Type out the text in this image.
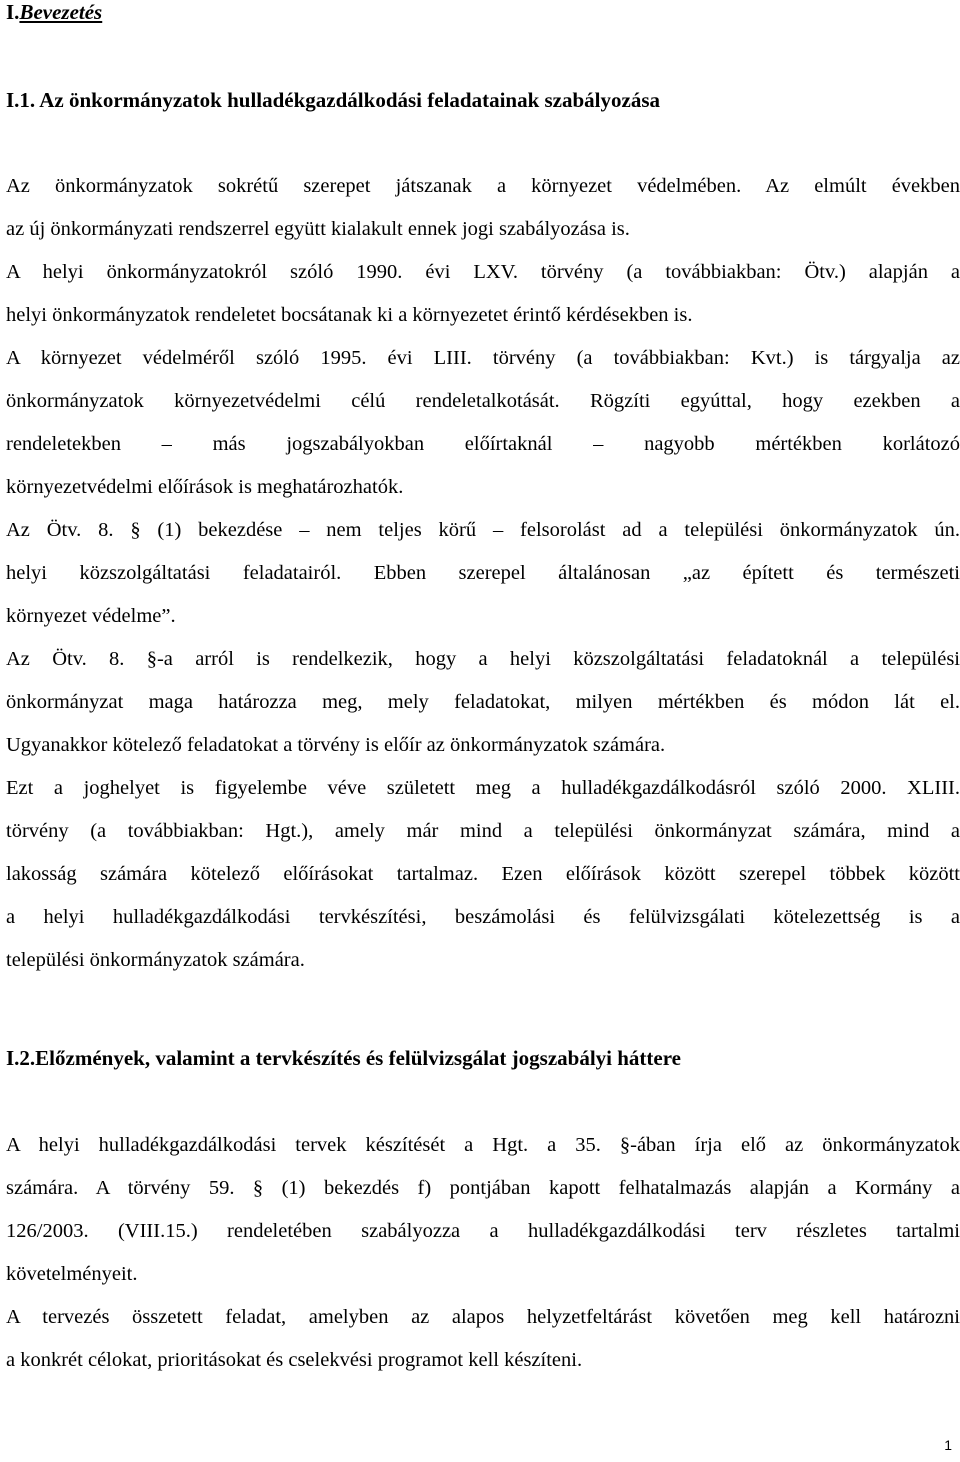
I.Bevezetés
I.1. Az önkormányzatok hulladékgazdálkodási feladatainak szabályozása
Az önkormányzatok sokrétű szerepet játszanak a környezet védelmében. Az elmúlt években
az új önkormányzati rendszerrel együtt kialakult ennek jogi szabályozása is.
A helyi önkormányzatokról szóló 1990. évi LXV. törvény (a továbbiakban: Ötv.) alapján a
helyi önkormányzatok rendeletet bocsátanak ki a környezetet érintő kérdésekben is.
A környezet védelméről szóló 1995. évi LIII. törvény (a továbbiakban: Kvt.) is tárgyalja az
önkormányzatok környezetvédelmi célú rendeletalkotását. Rögzíti egyúttal, hogy ezekben a
rendeletekben – más jogszabályokban előírtaknál – nagyobb mértékben korlátozó
környezetvédelmi előírások is meghatározhatók.
Az Ötv. 8. § (1) bekezdése – nem teljes körű – felsorolást ad a települési önkormányzatok ún.
helyi közszolgáltatási feladatairól. Ebben szerepel általánosan „az épített és természeti
környezet védelme”.
Az Ötv. 8. §-a arról is rendelkezik, hogy a helyi közszolgáltatási feladatoknál a települési
önkormányzat maga határozza meg, mely feladatokat, milyen mértékben és módon lát el.
Ugyanakkor kötelező feladatokat a törvény is előír az önkormányzatok számára.
Ezt a joghelyet is figyelembe véve született meg a hulladékgazdálkodásról szóló 2000. XLIII.
törvény (a továbbiakban: Hgt.), amely már mind a települési önkormányzat számára, mind a
lakosság számára kötelező előírásokat tartalmaz. Ezen előírások között szerepel többek között
a helyi hulladékgazdálkodási tervkészítési, beszámolási és felülvizsgálati kötelezettség is a
települési önkormányzatok számára.
I.2.Előzmények, valamint a tervkészítés és felülvizsgálat jogszabályi háttere
A helyi hulladékgazdálkodási tervek készítését a Hgt. a 35. §-ában írja elő az önkormányzatok
számára. A törvény 59. § (1) bekezdés f) pontjában kapott felhatalmazás alapján a Kormány a
126/2003. (VIII.15.) rendeletében szabályozza a hulladékgazdálkodási terv részletes tartalmi
követelményeit.
A tervezés összetett feladat, amelyben az alapos helyzetfeltárást követően meg kell határozni
a konkrét célokat, prioritásokat és cselekvési programot kell készíteni.
1
